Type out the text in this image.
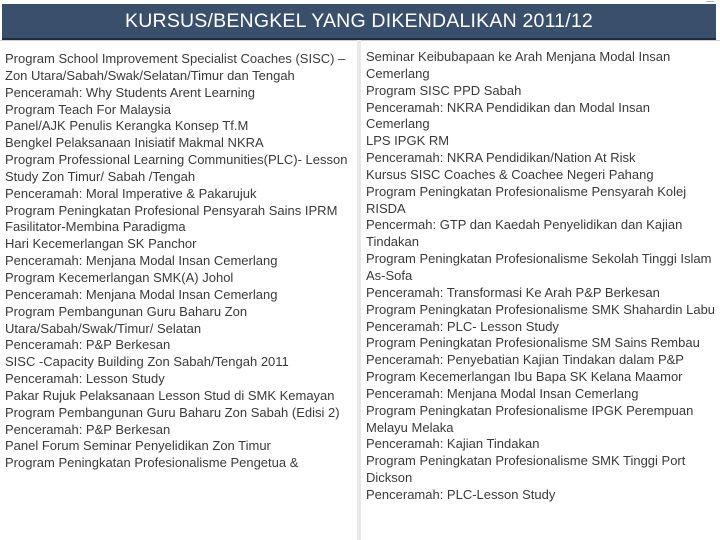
KURSUS/BENGKEL YANG DIKENDALIKAN 2011/12
Program School Improvement Specialist Coaches (SISC) – Zon Utara/Sabah/Swak/Selatan/Timur dan Tengah
Penceramah: Why Students Arent Learning
Program Teach For Malaysia
Panel/AJK Penulis Kerangka Konsep Tf.M
Bengkel Pelaksanaan Inisiatif Makmal NKRA
Program Professional Learning Communities(PLC)- Lesson Study Zon Timur/ Sabah /Tengah
Penceramah: Moral Imperative & Pakarujuk
Program Peningkatan Profesional Pensyarah Sains IPRM
Fasilitator-Membina Paradigma
Hari Kecemerlangan SK Panchor
Penceramah: Menjana Modal Insan Cemerlang
Program Kecemerlangan SMK(A) Johol
Penceramah: Menjana Modal Insan Cemerlang
Program Pembangunan Guru Baharu Zon Utara/Sabah/Swak/Timur/ Selatan
Penceramah: P&P Berkesan
SISC -Capacity Building Zon Sabah/Tengah 2011
Penceramah: Lesson Study
Pakar Rujuk Pelaksanaan Lesson Stud di SMK Kemayan
Program Pembangunan Guru Baharu Zon Sabah (Edisi 2)
Penceramah: P&P Berkesan
Panel Forum Seminar Penyelidikan Zon Timur
Program Peningkatan Profesionalisme Pengetua &
Seminar Keibubapaan ke Arah Menjana Modal Insan Cemerlang
Program SISC PPD Sabah
Penceramah: NKRA Pendidikan dan Modal Insan Cemerlang
LPS IPGK RM
Penceramah: NKRA Pendidikan/Nation At Risk
Kursus SISC Coaches & Coachee Negeri Pahang
Program Peningkatan Profesionalisme Pensyarah Kolej RISDA
Pencermah: GTP dan Kaedah Penyelidikan dan Kajian Tindakan
Program Peningkatan Profesionalisme Sekolah Tinggi Islam As-Sofa
Penceramah: Transformasi Ke Arah P&P Berkesan
Program Peningkatan Profesionalisme SMK Shahardin Labu
Penceramah: PLC- Lesson Study
Program Peningkatan Profesionalisme SM Sains Rembau
Penceramah: Penyebatian Kajian Tindakan dalam P&P
Program Kecemerlangan Ibu Bapa SK Kelana Maamor
Penceramah: Menjana Modal Insan Cemerlang
Program Peningkatan Profesionalisme IPGK Perempuan Melayu Melaka
Penceramah: Kajian Tindakan
Program Peningkatan Profesionalisme SMK Tinggi Port Dickson
Penceramah: PLC-Lesson Study
